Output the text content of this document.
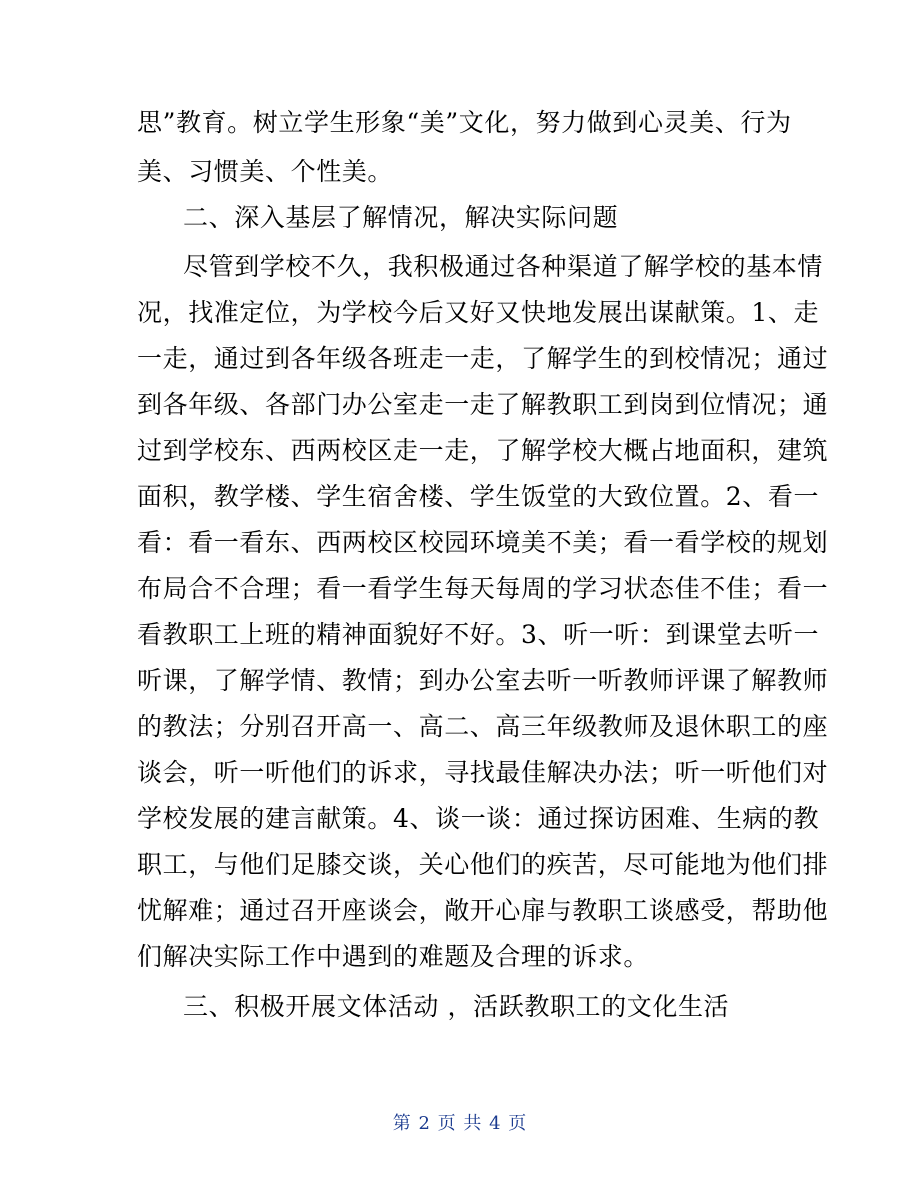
思”教育。树立学生形象“美”文化，努力做到心灵美、行为
美、习惯美、个性美。
二、深入基层了解情况，解决实际问题
尽管到学校不久，我积极通过各种渠道了解学校的基本情
况，找准定位，为学校今后又好又快地发展出谋献策。1、走
一走，通过到各年级各班走一走，了解学生的到校情况；通过
到各年级、各部门办公室走一走了解教职工到岗到位情况；通
过到学校东、西两校区走一走，了解学校大概占地面积，建筑
面积，教学楼、学生宿舍楼、学生饭堂的大致位置。2、看一
看：看一看东、西两校区校园环境美不美；看一看学校的规划
布局合不合理；看一看学生每天每周的学习状态佳不佳；看一
看教职工上班的精神面貌好不好。3、听一听：到课堂去听一
听课，了解学情、教情；到办公室去听一听教师评课了解教师
的教法；分别召开高一、高二、高三年级教师及退休职工的座
谈会，听一听他们的诉求，寻找最佳解决办法；听一听他们对
学校发展的建言献策。4、谈一谈：通过探访困难、生病的教
职工，与他们足膝交谈，关心他们的疾苦，尽可能地为他们排
忧解难；通过召开座谈会，敞开心扉与教职工谈感受，帮助他
们解决实际工作中遇到的难题及合理的诉求。
三、积极开展文体活动 ，活跃教职工的文化生活
第 2 页 共 4 页
